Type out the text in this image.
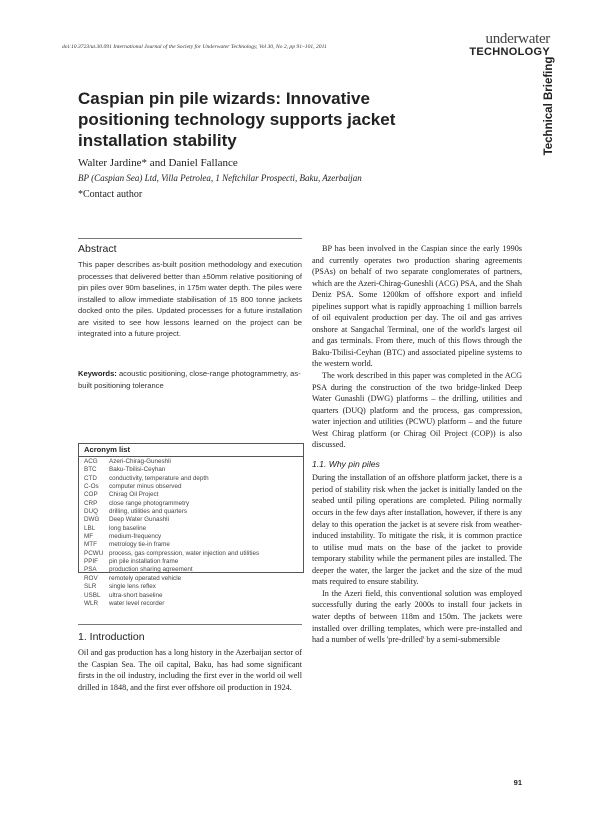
doi:10.3723/ut.30.091 International Journal of the Society for Underwater Technology, Vol 30, No 2, pp 91–101, 2011	underwater
TECHNOLOGY
Technical Briefing
Caspian pin pile wizards: Innovative positioning technology supports jacket installation stability
Walter Jardine* and Daniel Fallance
BP (Caspian Sea) Ltd, Villa Petrolea, 1 Neftchilar Prospecti, Baku, Azerbaijan
*Contact author
Abstract
This paper describes as-built position methodology and execution processes that delivered better than ±50mm relative positioning of pin piles over 90m baselines, in 175m water depth. The piles were installed to allow immediate stabilisation of 15 800 tonne jackets docked onto the piles. Updated processes for a future installation are visited to see how lessons learned on the project can be integrated into a future project.
Keywords: acoustic positioning, close-range photogrammetry, as-built positioning tolerance
Acronym list
ACG	Azeri-Chirag-Guneshli
BTC	Baku-Tbilisi-Ceyhan
CTD	conductivity, temperature and depth
C-Os	computer minus observed
COP	Chirag Oil Project
CRP	close range photogrammetry
DUQ	drilling, utilities and quarters
DWG	Deep Water Gunashli
LBL	long baseline
MF	medium-frequency
MTF	metrology tie-in frame
PCWU process, gas compression, water injection and utilities
PPIF	pin pile installation frame
PSA	production sharing agreement
ROV	remotely operated vehicle
SLR	single lens reflex
USBL	ultra-short baseline
WLR	water level recorder
1. Introduction
Oil and gas production has a long history in the Azerbaijan sector of the Caspian Sea. The oil capital, Baku, has had some significant firsts in the oil industry, including the first ever in the world oil well drilled in 1848, and the first ever offshore oil production in 1924.

BP has been involved in the Caspian since the early 1990s and currently operates two production sharing agreements (PSAs) on behalf of two separate conglomerates of partners, which are the Azeri-Chirag-Guneshli (ACG) PSA, and the Shah Deniz PSA. Some 1200km of offshore export and infield pipelines support what is rapidly approaching 1 million barrels of oil equivalent production per day. The oil and gas arrives onshore at Sangachal Terminal, one of the world's largest oil and gas terminals. From there, much of this flows through the Baku-Tbilisi-Ceyhan (BTC) and associated pipeline systems to the western world.

The work described in this paper was completed in the ACG PSA during the construction of the two bridge-linked Deep Water Gunashli (DWG) platforms – the drilling, utilities and quarters (DUQ) platform and the process, gas compression, water injection and utilities (PCWU) platform – and the future West Chirag platform (or Chirag Oil Project (COP)) is also discussed.

1.1. Why pin piles

During the installation of an offshore platform jacket, there is a period of stability risk when the jacket is initially landed on the seabed until piling operations are completed. Piling normally occurs in the few days after installation, however, if there is any delay to this operation the jacket is at severe risk from weather-induced instability. To mitigate the risk, it is common practice to utilise mud mats on the base of the jacket to provide temporary stability while the permanent piles are installed. The deeper the water, the larger the jacket and the size of the mud mats required to ensure stability.

In the Azeri field, this conventional solution was employed successfully during the early 2000s to install four jackets in water depths of between 118m and 150m. The jackets were installed over drilling templates, which were pre-installed and had a number of wells 'pre-drilled' by a semi-submersible

91
